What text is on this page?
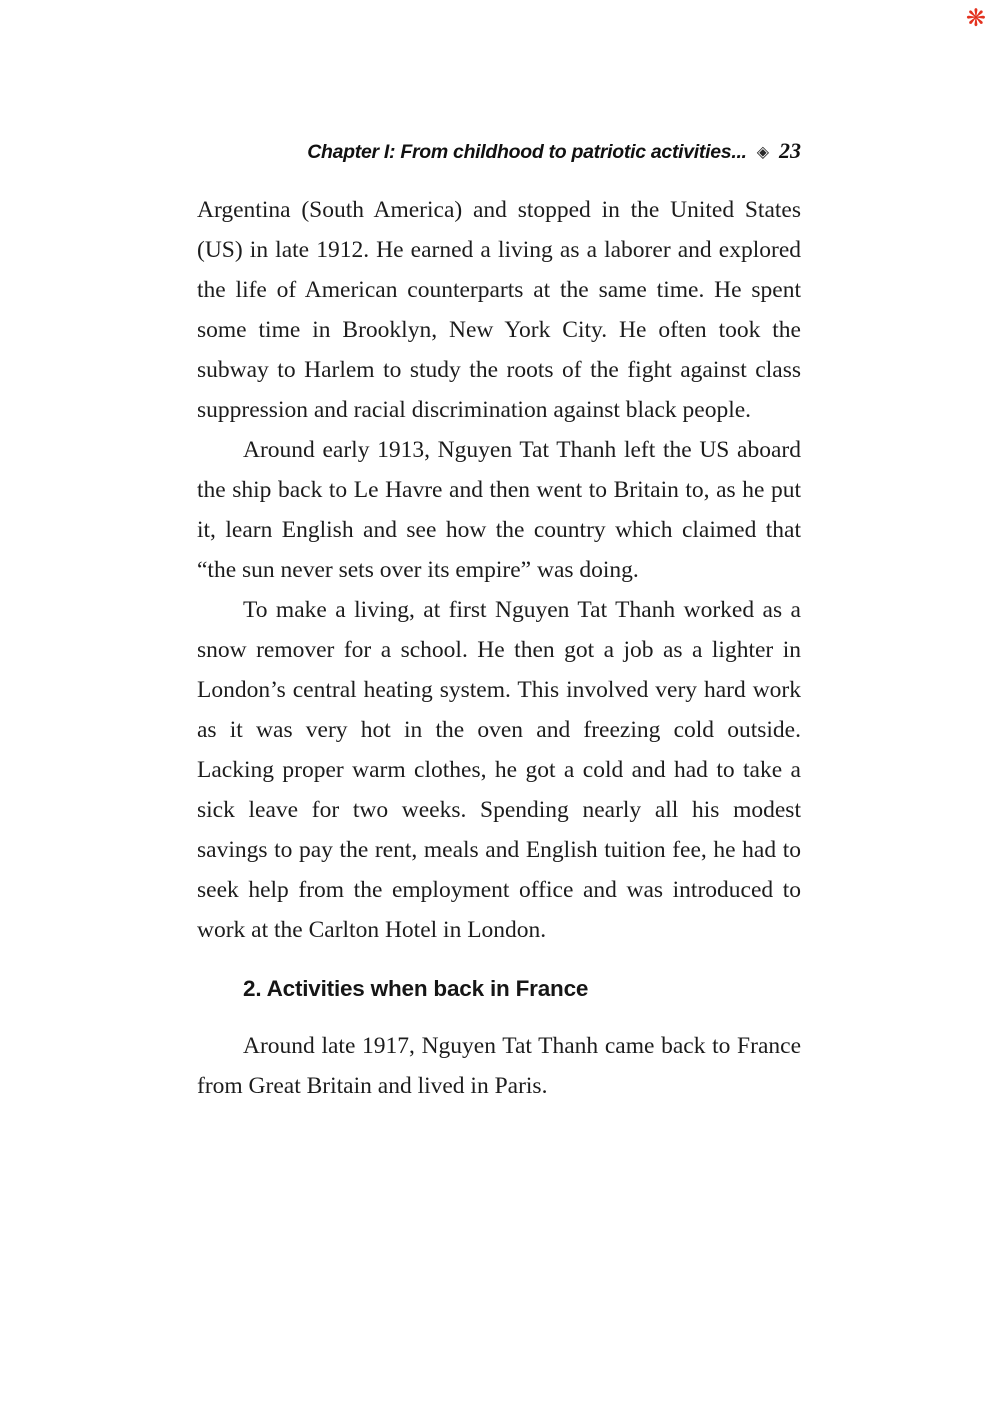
❋
Chapter I: From childhood to patriotic activities... ◈ 23

Argentina (South America) and stopped in the United States (US) in late 1912. He earned a living as a laborer and explored the life of American counterparts at the same time. He spent some time in Brooklyn, New York City. He often took the subway to Harlem to study the roots of the fight against class suppression and racial discrimination against black people.

Around early 1913, Nguyen Tat Thanh left the US aboard the ship back to Le Havre and then went to Britain to, as he put it, learn English and see how the country which claimed that “the sun never sets over its empire” was doing.

To make a living, at first Nguyen Tat Thanh worked as a snow remover for a school. He then got a job as a lighter in London’s central heating system. This involved very hard work as it was very hot in the oven and freezing cold outside. Lacking proper warm clothes, he got a cold and had to take a sick leave for two weeks. Spending nearly all his modest savings to pay the rent, meals and English tuition fee, he had to seek help from the employment office and was introduced to work at the Carlton Hotel in London.

2. Activities when back in France

Around late 1917, Nguyen Tat Thanh came back to France from Great Britain and lived in Paris.
